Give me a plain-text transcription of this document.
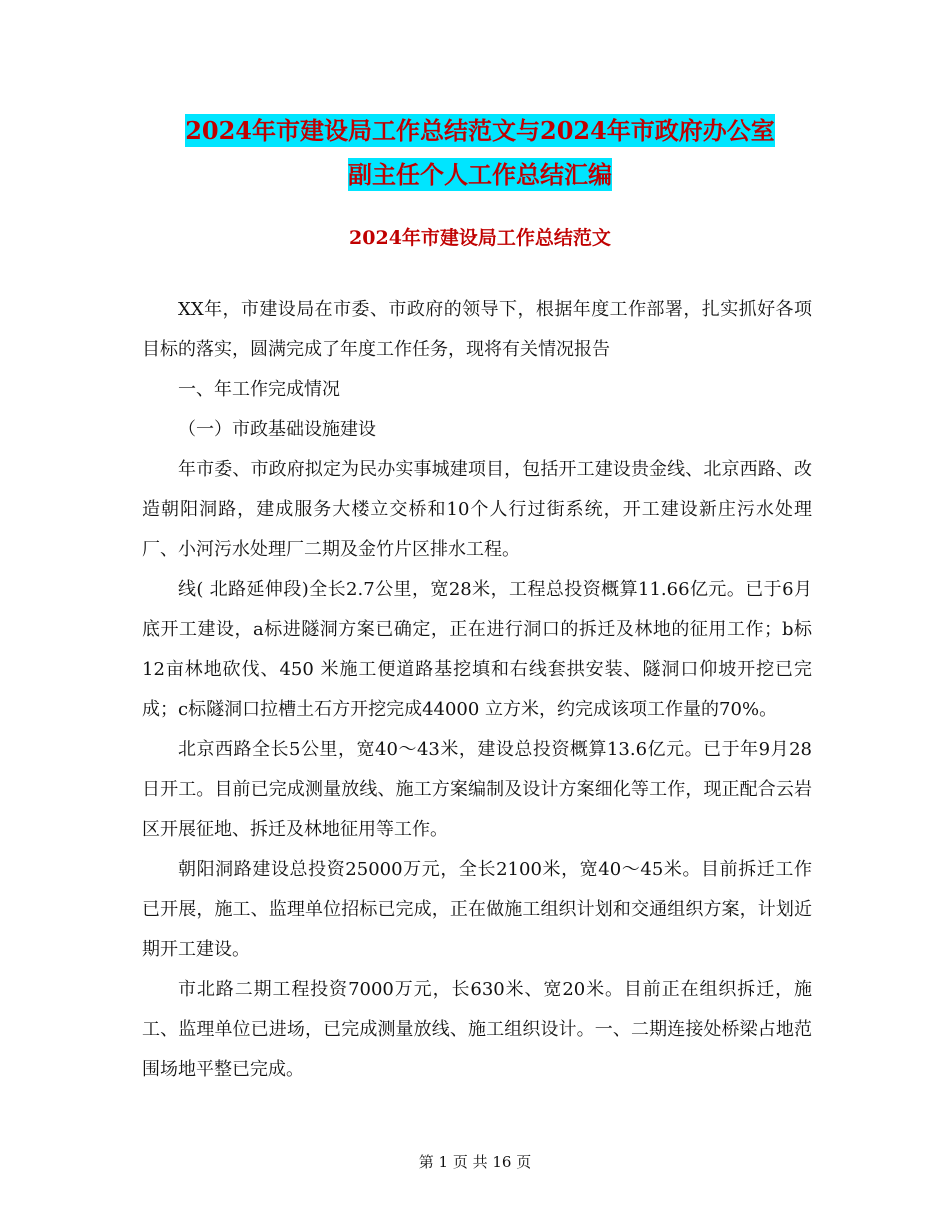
2024年市建设局工作总结范文与2024年市政府办公室
副主任个人工作总结汇编
2024年市建设局工作总结范文

XX年，市建设局在市委、市政府的领导下，根据年度工作部署，扎实抓好各项目标的落实，圆满完成了年度工作任务，现将有关情况报告

一、年工作完成情况

（一）市政基础设施建设

年市委、市政府拟定为民办实事城建项目，包括开工建设贵金线、北京西路、改造朝阳洞路，建成服务大楼立交桥和10个人行过街系统，开工建设新庄污水处理厂、小河污水处理厂二期及金竹片区排水工程。

线( 北路延伸段)全长2.7公里，宽28米，工程总投资概算11.66亿元。已于6月底开工建设，a标进隧洞方案已确定，正在进行洞口的拆迁及林地的征用工作；b标12亩林地砍伐、450 米施工便道路基挖填和右线套拱安装、隧洞口仰坡开挖已完成；c标隧洞口拉槽土石方开挖完成44000 立方米，约完成该项工作量的70%。

北京西路全长5公里，宽40～43米，建设总投资概算13.6亿元。已于年9月28日开工。目前已完成测量放线、施工方案编制及设计方案细化等工作，现正配合云岩区开展征地、拆迁及林地征用等工作。

朝阳洞路建设总投资25000万元，全长2100米，宽40～45米。目前拆迁工作已开展，施工、监理单位招标已完成，正在做施工组织计划和交通组织方案，计划近期开工建设。

市北路二期工程投资7000万元，长630米、宽20米。目前正在组织拆迁，施工、监理单位已进场，已完成测量放线、施工组织设计。一、二期连接处桥梁占地范围场地平整已完成。

第 1 页 共 16 页
